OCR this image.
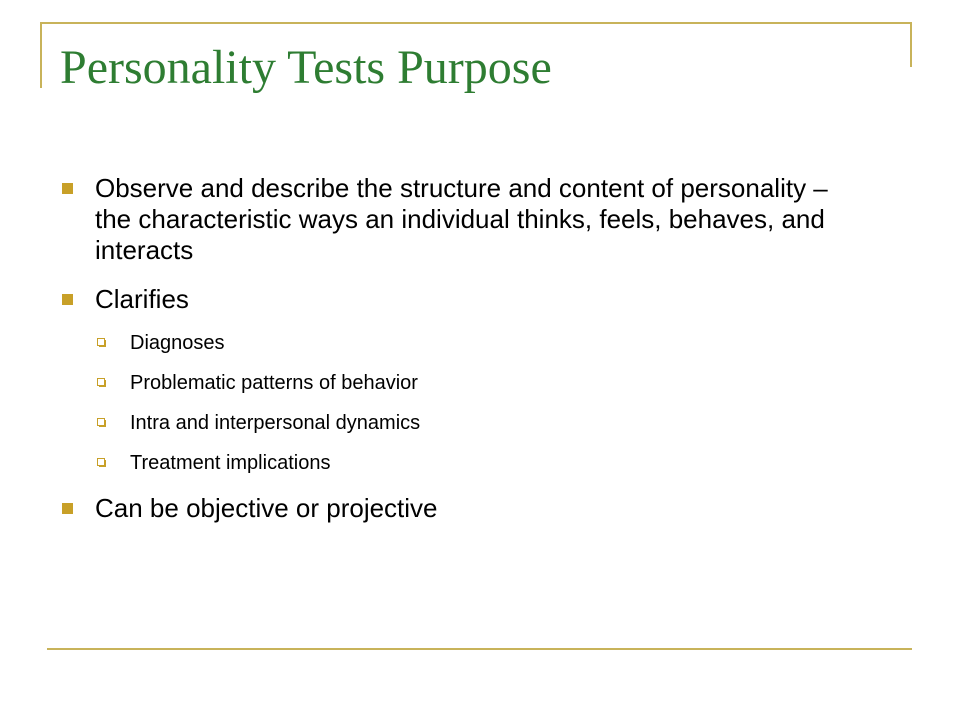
Personality Tests Purpose
Observe and describe the structure and content of personality – the characteristic ways an individual thinks, feels, behaves, and interacts
Clarifies
Diagnoses
Problematic patterns of behavior
Intra and interpersonal dynamics
Treatment implications
Can be objective or projective
